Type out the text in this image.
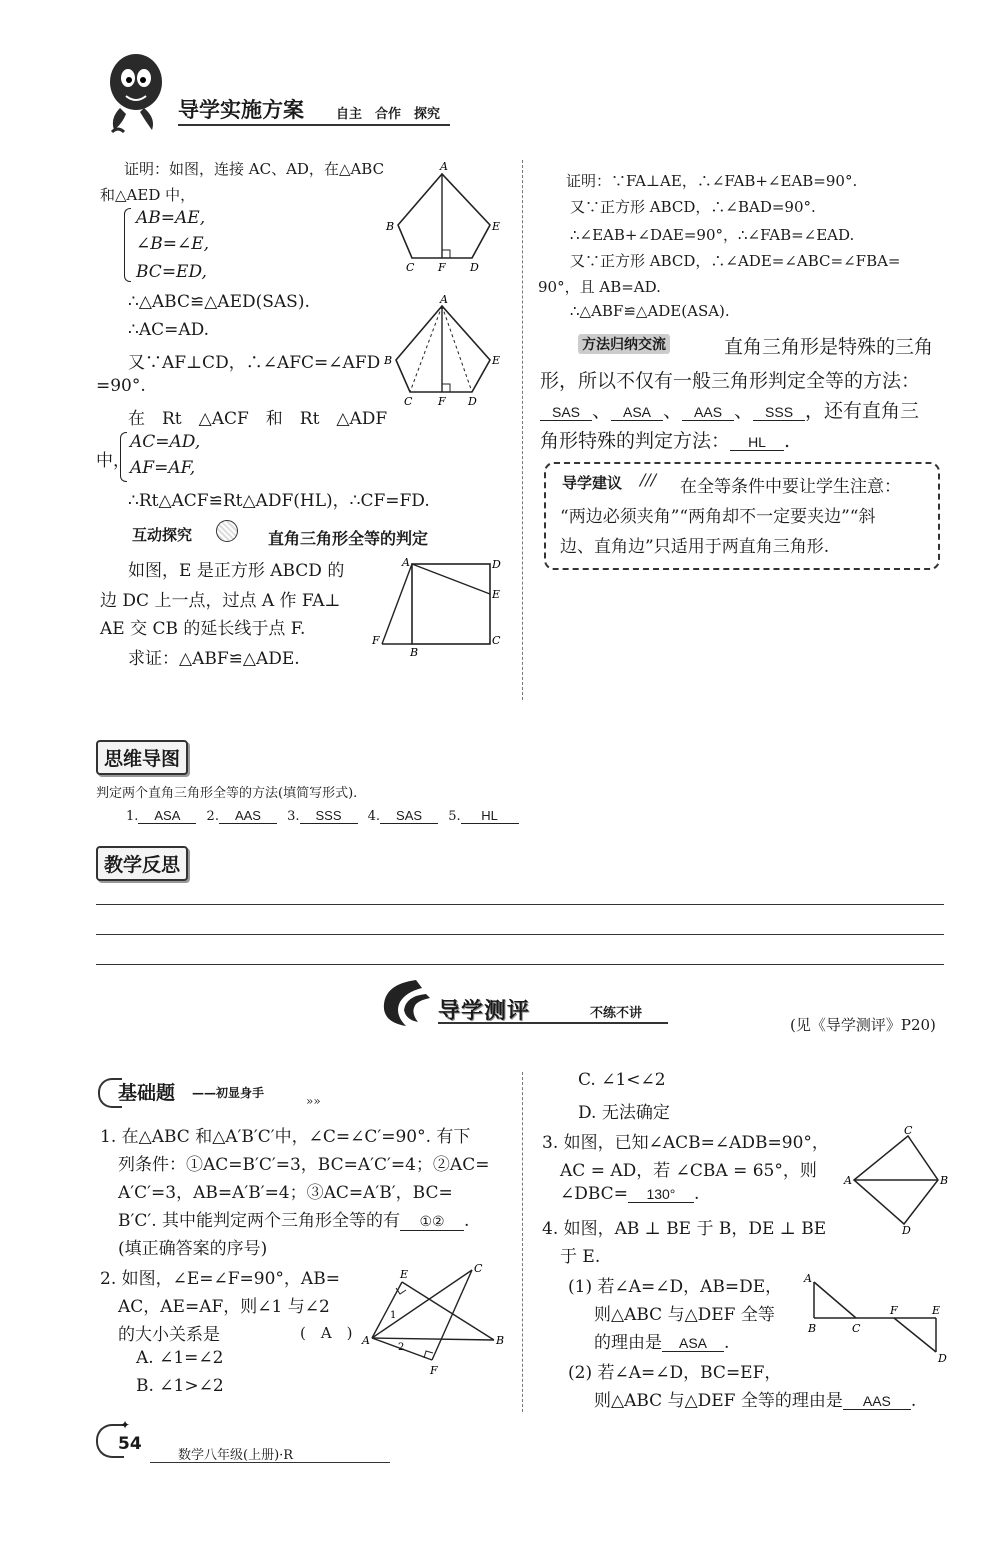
导学实施方案 自主　合作　探究
证明：如图，连接 AC、AD，在△ABC
和△AED 中，
AB=AE,
∠B=∠E,
BC=ED,
∴△ABC≌△AED(SAS).
∴AC=AD.
又∵AF⊥CD，∴∠AFC=∠AFD
=90°.
在　Rt　△ACF　和　Rt　△ADF
中，
AC=AD,
AF=AF,
∴Rt△ACF≌Rt△ADF(HL)，∴CF=FD.
A
B
C F D
E
A
B
C F D
E
互动探究	直角三角形全等的判定
如图，E 是正方形 ABCD 的
边 DC 上一点，过点 A 作 FA⊥
AE 交 CB 的延长线于点 F.
求证：△ABF≌△ADE.
A	D
E
C
B
F
证明：∵FA⊥AE，∴∠FAB+∠EAB=90°.
又∵正方形 ABCD，∴∠BAD=90°.
∴∠EAB+∠DAE=90°，∴∠FAB=∠EAD.
又∵正方形 ABCD，∴∠ADE=∠ABC=∠FBA=
90°，且 AB=AD.
∴△ABF≌△ADE(ASA).
方法归纳交流	直角三角形是特殊的三角
形，所以不仅有一般三角形判定全等的方法：
SAS 、 ASA 、 AAS 、 SSS ，还有直角三
角形特殊的判定方法： HL .
导学建议 /// 在全等条件中要让学生注意：
“两边必须夹角”“两角却不一定要夹边”“斜
边、直角边”只适用于两直角三角形.
思维导图
判定两个直角三角形全等的方法(填简写形式).
1. ASA 2. AAS 3. SSS 4. SAS 5. HL
教学反思
导学测评	不练不讲
(见《导学测评》P20)
基础题 ——初显身手
»»
1. 在△ABC 和△A′B′C′中，∠C=∠C′=90°. 有下
列条件：①AC=B′C′=3，BC=A′C′=4；②AC=
A′C′=3，AB=A′B′=4；③AC=A′B′，BC=
B′C′. 其中能判定两个三角形全等的有 ①② .
(填正确答案的序号)
2. 如图，∠E=∠F=90°，AB=
AC，AE=AF，则∠1 与∠2
的大小关系是	(　A　)
A. ∠1=∠2
B. ∠1>∠2
C. ∠1<∠2
D. 无法确定
A
E	C
B
F
1
2
3. 如图，已知∠ACB=∠ADB=90°，
AC = AD，若 ∠CBA = 65°，则
∠DBC= 130° .
C
A	B
D
4. 如图，AB ⊥ BE 于 B，DE ⊥ BE
于 E.
(1) 若∠A=∠D，AB=DE，
则△ABC 与△DEF 全等
的理由是 ASA .
(2) 若∠A=∠D，BC=EF，
则△ABC 与△DEF 全等的理由是 AAS .
A
B	C
F	E
D
✦
54
数学八年级(上册)·R
